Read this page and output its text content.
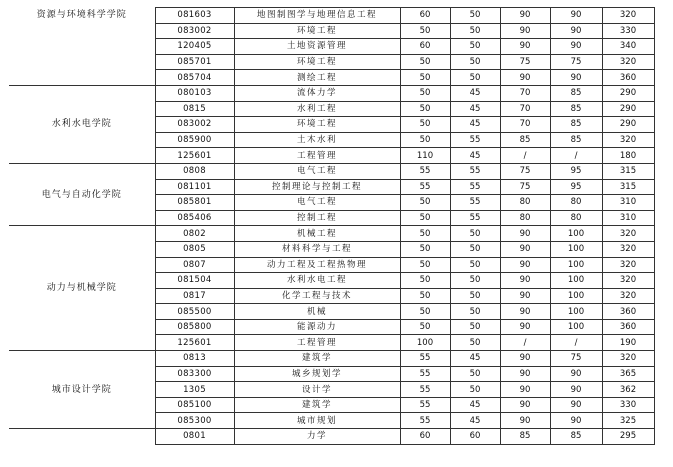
资源与环境科学学院	081603	地图制图学与地理信息工程	60	50	90	90	320
	083002	环境工程	50	50	90	90	330
	120405	土地资源管理	60	50	90	90	340
	085701	环境工程	50	50	75	75	320
	085704	测绘工程	50	50	90	90	360
水利水电学院	080103	流体力学	50	45	70	85	290
	0815	水利工程	50	45	70	85	290
	083002	环境工程	50	45	70	85	290
	085900	土木水利	50	55	85	85	320
	125601	工程管理	110	45	/	/	180
电气与自动化学院	0808	电气工程	55	55	75	95	315
	081101	控制理论与控制工程	55	55	75	95	315
	085801	电气工程	50	55	80	80	310
	085406	控制工程	50	55	80	80	310
动力与机械学院	0802	机械工程	50	50	90	100	320
	0805	材料科学与工程	50	50	90	100	320
	0807	动力工程及工程热物理	50	50	90	100	320
	081504	水利水电工程	50	50	90	100	320
	0817	化学工程与技术	50	50	90	100	320
	085500	机械	50	50	90	100	360
	085800	能源动力	50	50	90	100	360
	125601	工程管理	100	50	/	/	190
城市设计学院	0813	建筑学	55	45	90	75	320
	083300	城乡规划学	55	50	90	90	365
	1305	设计学	55	50	90	90	362
	085100	建筑学	55	45	90	90	330
	085300	城市规划	55	45	90	90	325
	0801	力学	60	60	85	85	295
